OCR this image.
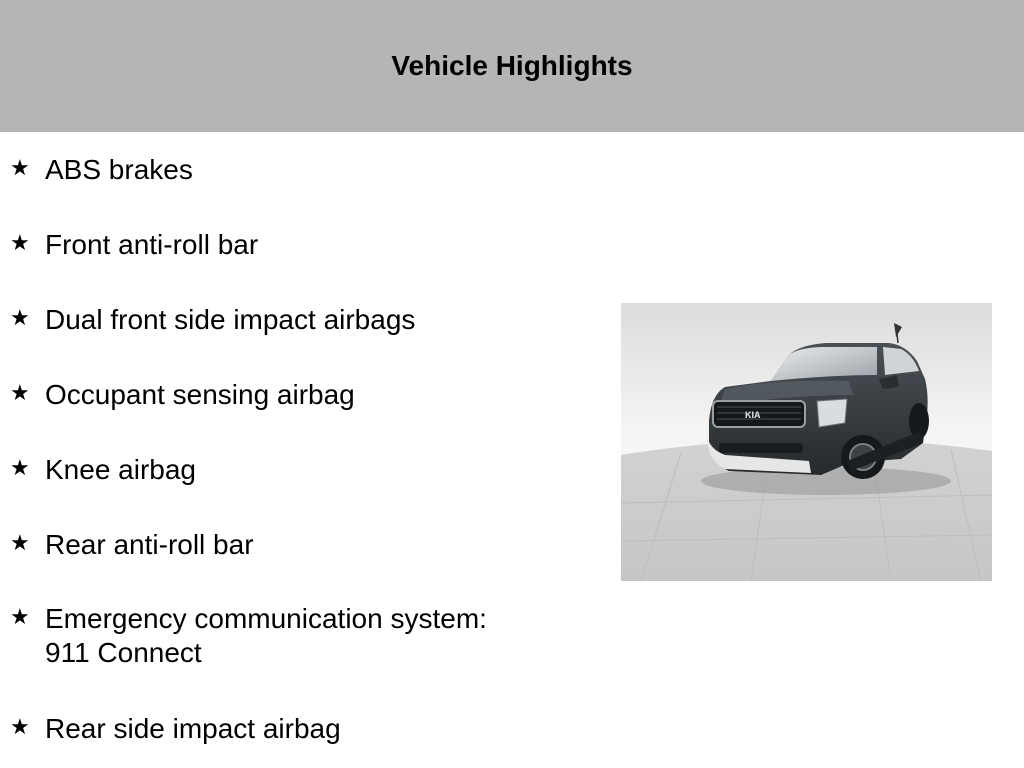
Vehicle Highlights
★ ABS brakes
★ Front anti-roll bar
★ Dual front side impact airbags
★ Occupant sensing airbag
★ Knee airbag
★ Rear anti-roll bar
★ Emergency communication system:
911 Connect
★ Rear side impact airbag
KIA
